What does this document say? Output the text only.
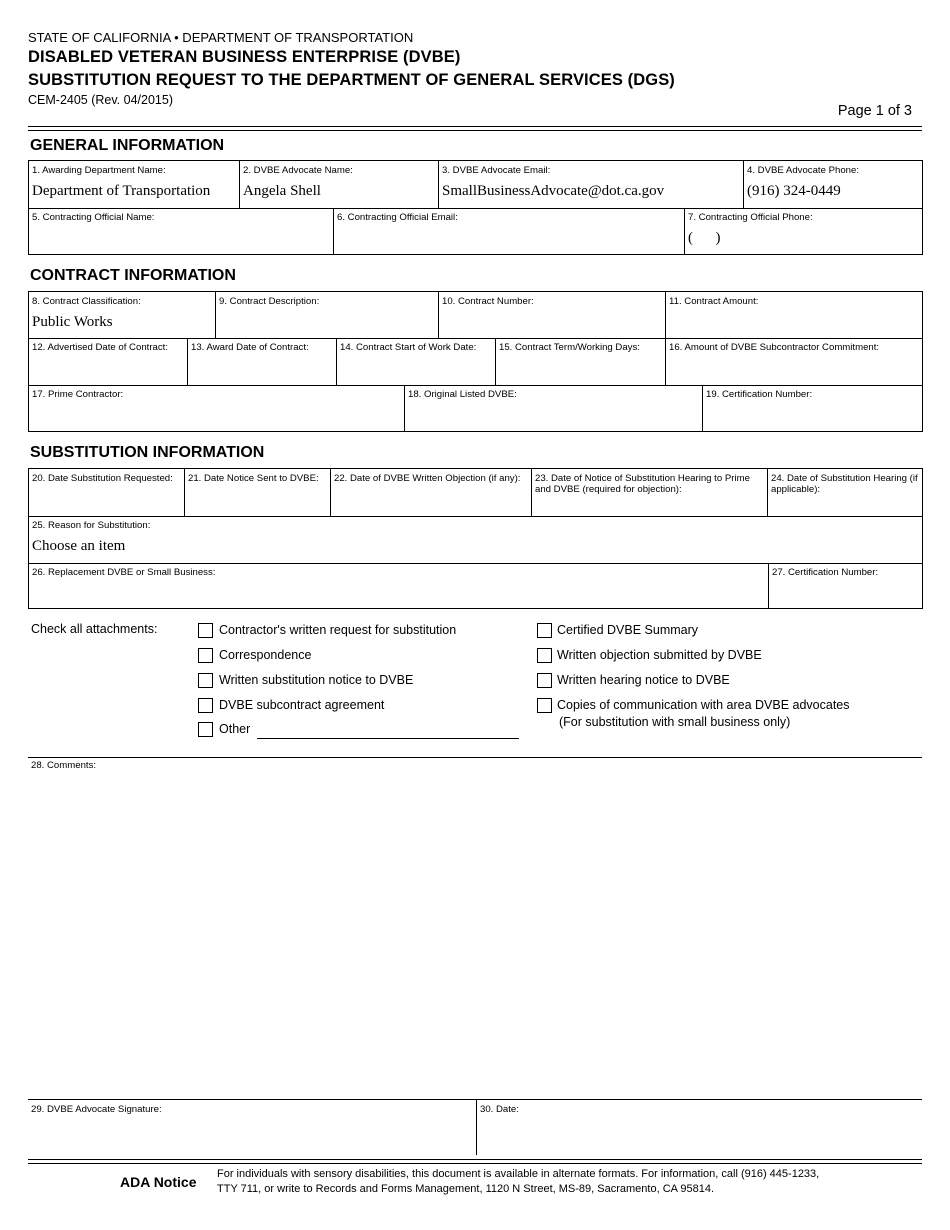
STATE OF CALIFORNIA • DEPARTMENT OF TRANSPORTATION
DISABLED VETERAN BUSINESS ENTERPRISE (DVBE)
SUBSTITUTION REQUEST TO THE DEPARTMENT OF GENERAL SERVICES (DGS)
CEM-2405 (Rev. 04/2015)
Page 1 of 3
GENERAL INFORMATION
1. Awarding Department Name:
Department of Transportation
2. DVBE Advocate Name:
Angela Shell
3. DVBE Advocate Email:
SmallBusinessAdvocate@dot.ca.gov
4. DVBE Advocate Phone:
(916) 324-0449
5. Contracting Official Name:	6. Contracting Official Email:	7. Contracting Official Phone:
(      )
CONTRACT INFORMATION
8. Contract Classification:
Public Works
9. Contract Description:	10. Contract Number:	11. Contract Amount:
12. Advertised Date of Contract: 13. Award Date of Contract:	14. Contract Start of Work Date: 15. Contract Term/Working Days:	16. Amount of DVBE Subcontractor Commitment:
17. Prime Contractor:	18. Original Listed DVBE:	19. Certification Number:
SUBSTITUTION INFORMATION
20. Date Substitution Requested: 21. Date Notice Sent to DVBE: 22. Date of DVBE Written Objection (if any): 23. Date of Notice of Substitution Hearing to Prime and DVBE (required for objection):
24. Date of Substitution Hearing (if applicable):
25. Reason for Substitution:
Choose an item
26. Replacement DVBE or Small Business:	27. Certification Number:
Check all attachments:	Contractor's written request for substitution
Correspondence
Written substitution notice to DVBE
DVBE subcontract agreement
Other
Certified DVBE Summary
Written objection submitted by DVBE
Written hearing notice to DVBE
Copies of communication with area DVBE advocates
(For substitution with small business only)
28. Comments:
29. DVBE Advocate Signature:	30. Date:
ADA Notice For individuals with sensory disabilities, this document is available in alternate formats. For information, call (916) 445-1233,
TTY 711, or write to Records and Forms Management, 1120 N Street, MS-89, Sacramento, CA 95814.
